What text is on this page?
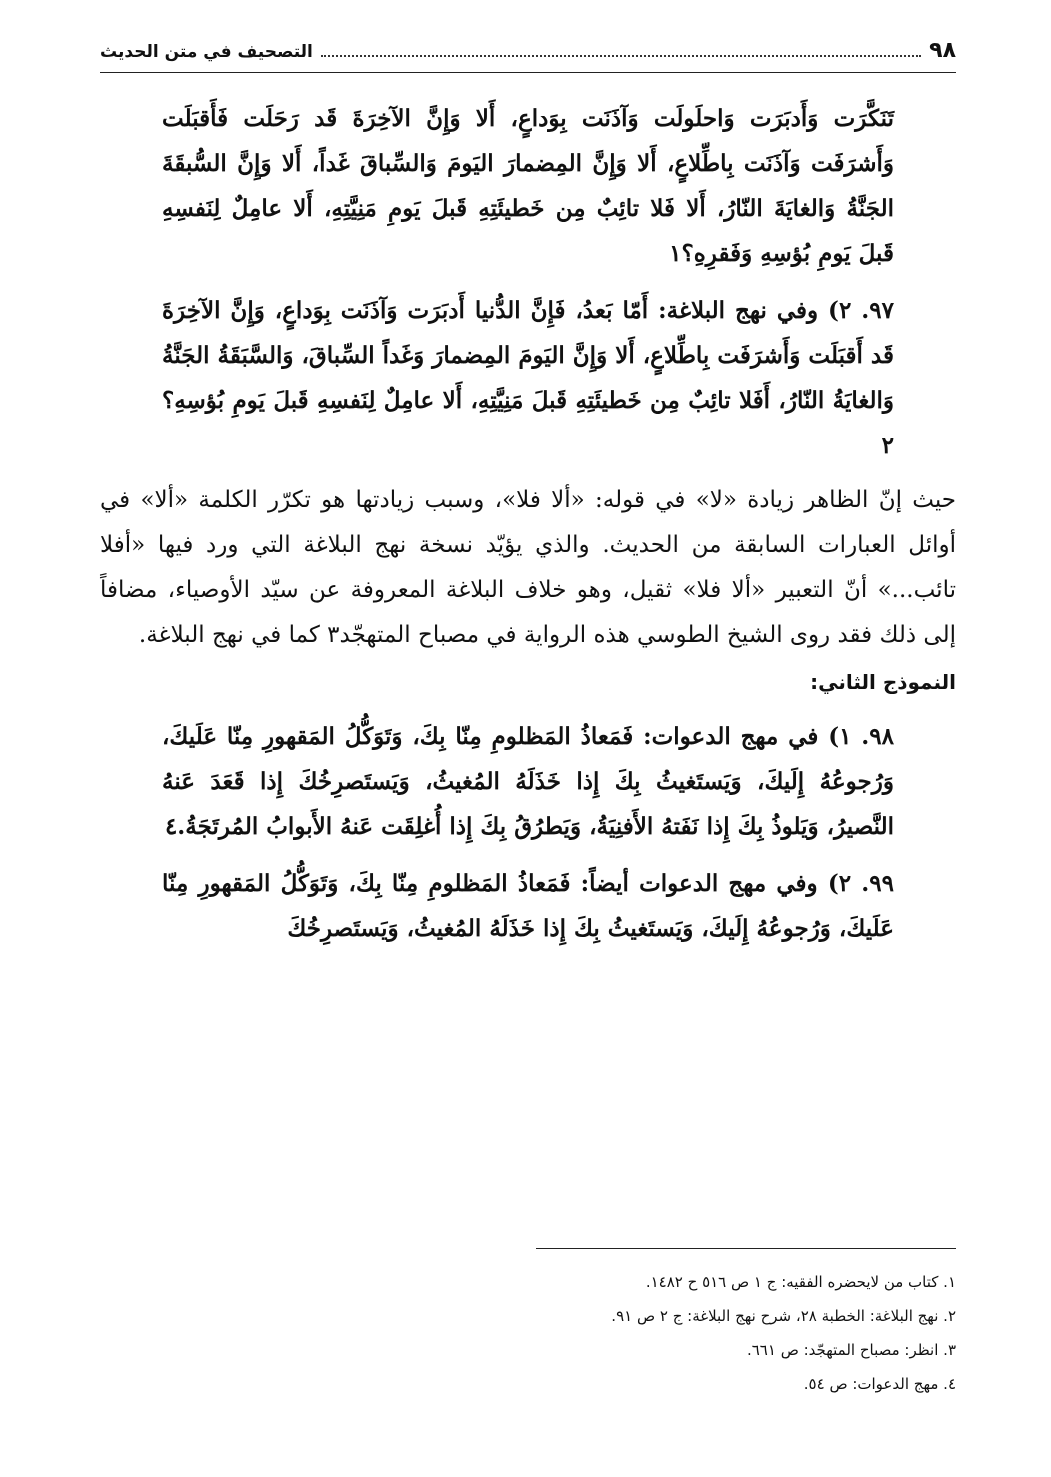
٩٨
التصحيف في متن الحديث

تَنَكَّرَت وَأَدبَرَت وَاحلَولَت وَآذَنَت بِوَداعٍ، أَلا وَإِنَّ الآخِرَةَ قَد رَحَلَت فَأَقبَلَت وَأَشرَفَت وَآذَنَت بِاطِّلاعٍ، أَلا وَإِنَّ المِضمارَ اليَومَ وَالسِّباقَ غَداً، أَلا وَإِنَّ السُّبقَةَ الجَنَّةُ وَالغايَةَ النّارُ، أَلا فَلا تائِبٌ مِن خَطيئَتِهِ قَبلَ يَومِ مَنِيَّتِهِ، أَلا عامِلٌ لِنَفسِهِ قَبلَ يَومِ بُؤسِهِ وَفَقرِهِ؟١

٩٧. ٢) وفي نهج البلاغة: أَمّا بَعدُ، فَإِنَّ الدُّنيا أَدبَرَت وَآذَنَت بِوَداعٍ، وَإِنَّ الآخِرَةَ قَد أَقبَلَت وَأَشرَفَت بِاطِّلاعٍ، أَلا وَإِنَّ اليَومَ المِضمارَ وَغَداً السِّباقَ، وَالسَّبَقَةُ الجَنَّةُ وَالغايَةُ النّارُ، أَفَلا تائِبٌ مِن خَطيئَتِهِ قَبلَ مَنِيَّتِهِ، أَلا عامِلٌ لِنَفسِهِ قَبلَ يَومِ بُؤسِهِ؟٢

حيث إنّ الظاهر زيادة «لا» في قوله: «ألا فلا»، وسبب زيادتها هو تكرّر الكلمة «ألا» في أوائل العبارات السابقة من الحديث. والذي يؤيّد نسخة نهج البلاغة التي ورد فيها «أفلا تائب...» أنّ التعبير «ألا فلا» ثقيل، وهو خلاف البلاغة المعروفة عن سيّد الأوصياء، مضافاً إلى ذلك فقد روى الشيخ الطوسي هذه الرواية في مصباح المتهجّد٣ كما في نهج البلاغة.

النموذج الثاني:

٩٨. ١) في مهج الدعوات: فَمَعاذُ المَظلومِ مِنّا بِكَ، وَتَوَكُّلُ المَقهورِ مِنّا عَلَيكَ، وَرُجوعُهُ إِلَيكَ، وَيَستَغيثُ بِكَ إِذا خَذَلَهُ المُغيثُ، وَيَستَصرِخُكَ إِذا قَعَدَ عَنهُ النَّصيرُ، وَيَلوذُ بِكَ إِذا نَفَتهُ الأَفنِيَةُ، وَيَطرُقُ بِكَ إِذا أُغلِقَت عَنهُ الأَبوابُ المُرتَجَةُ.٤

٩٩. ٢) وفي مهج الدعوات أيضاً: فَمَعاذُ المَظلومِ مِنّا بِكَ، وَتَوَكُّلُ المَقهورِ مِنّا عَلَيكَ، وَرُجوعُهُ إِلَيكَ، وَيَستَغيثُ بِكَ إِذا خَذَلَهُ المُغيثُ، وَيَستَصرِخُكَ

١. كتاب من لايحضره الفقيه: ج ١ ص ٥١٦ ح ١٤٨٢.
٢. نهج البلاغة: الخطبة ٢٨، شرح نهج البلاغة: ج ٢ ص ٩١.
٣. انظر: مصباح المتهجّد: ص ٦٦١.
٤. مهج الدعوات: ص ٥٤.
